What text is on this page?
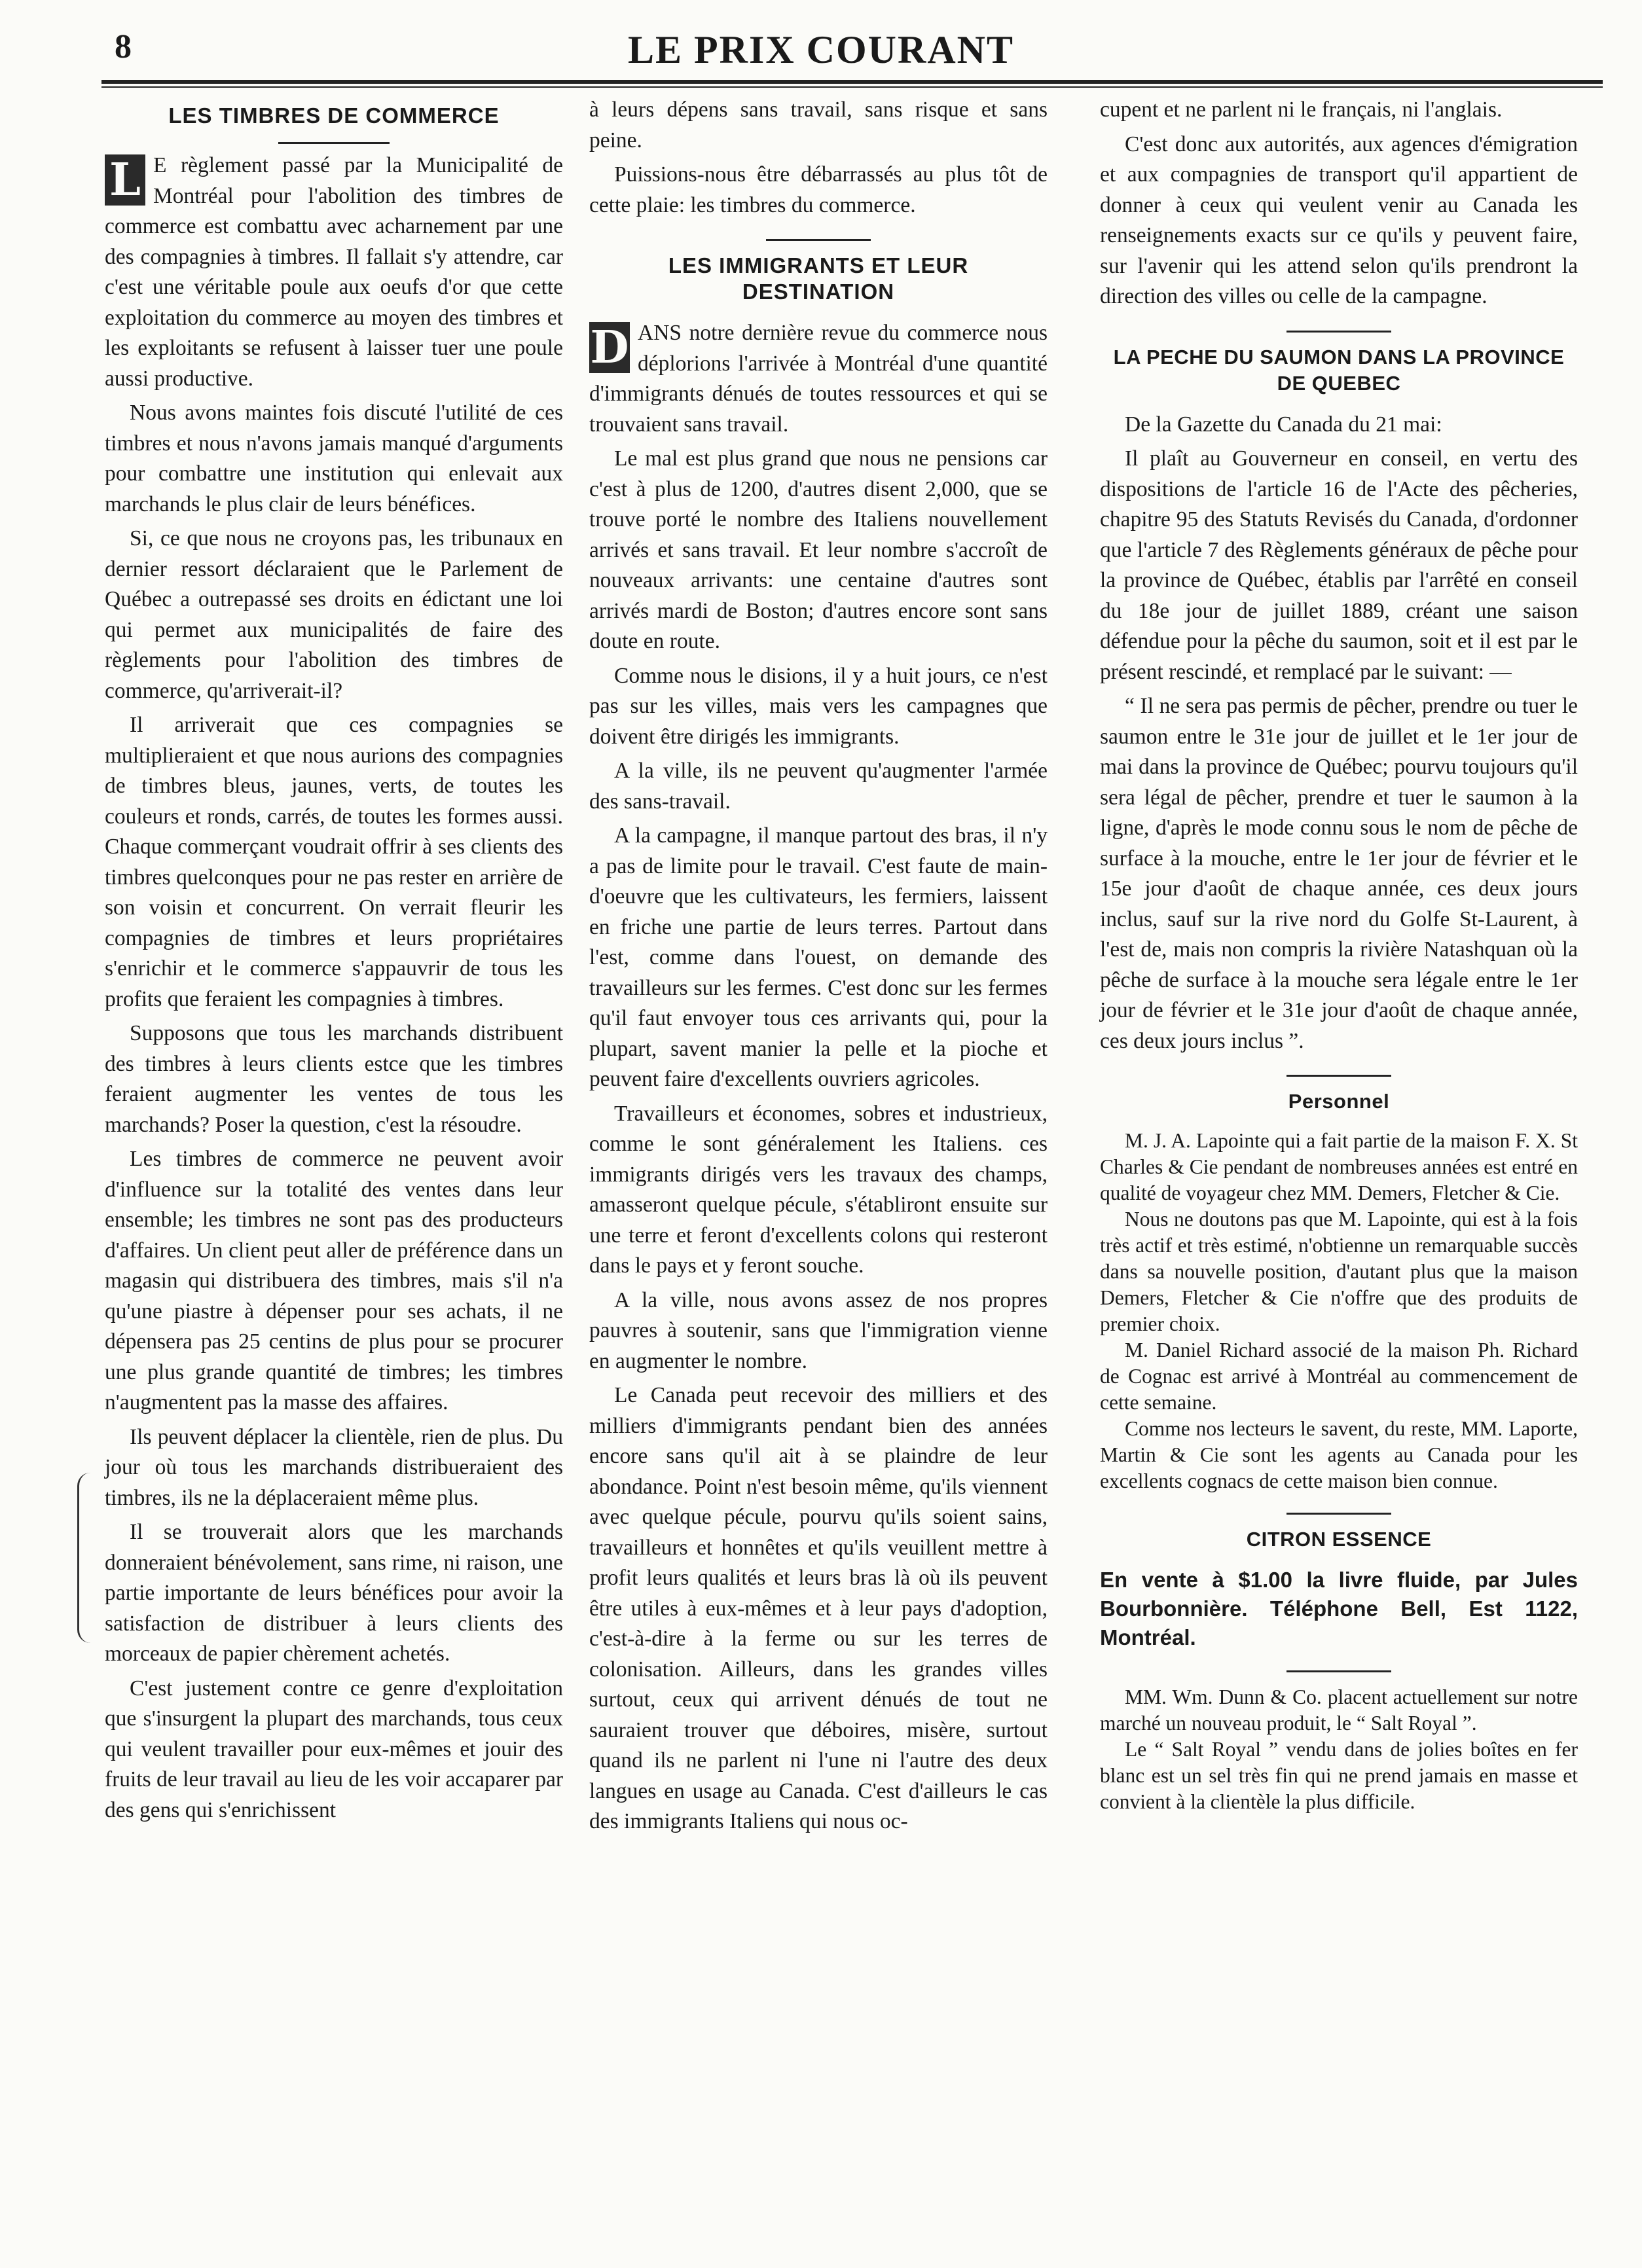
8	LE PRIX COURANT
LES TIMBRES DE COMMERCE

L E règlement passé par la Municipalité de Montréal pour l'abolition des timbres de commerce est combattu avec acharnement par une des compagnies à timbres. Il fallait s'y attendre, car c'est une véritable poule aux oeufs d'or que cette exploitation du commerce au moyen des timbres et les exploitants se refusent à laisser tuer une poule aussi productive.

Nous avons maintes fois discuté l'utilité de ces timbres et nous n'avons jamais manqué d'arguments pour combattre une institution qui enlevait aux marchands le plus clair de leurs bénéfices.

Si, ce que nous ne croyons pas, les tribunaux en dernier ressort déclaraient que le Parlement de Québec a outrepassé ses droits en édictant une loi qui permet aux municipalités de faire des règlements pour l'abolition des timbres de commerce, qu'arriverait-il?

Il arriverait que ces compagnies se multiplieraient et que nous aurions des compagnies de timbres bleus, jaunes, verts, de toutes les couleurs et ronds, carrés, de toutes les formes aussi. Chaque commerçant voudrait offrir à ses clients des timbres quelconques pour ne pas rester en arrière de son voisin et concurrent. On verrait fleurir les compagnies de timbres et leurs propriétaires s'enrichir et le commerce s'appauvrir de tous les profits que feraient les compagnies à timbres.

Supposons que tous les marchands distribuent des timbres à leurs clients estce que les timbres feraient augmenter les ventes de tous les marchands? Poser la question, c'est la résoudre.

Les timbres de commerce ne peuvent avoir d'influence sur la totalité des ventes dans leur ensemble; les timbres ne sont pas des producteurs d'affaires. Un client peut aller de préférence dans un magasin qui distribuera des timbres, mais s'il n'a qu'une piastre à dépenser pour ses achats, il ne dépensera pas 25 centins de plus pour se procurer une plus grande quantité de timbres; les timbres n'augmentent pas la masse des affaires.

Ils peuvent déplacer la clientèle, rien de plus. Du jour où tous les marchands distribueraient des timbres, ils ne la déplaceraient même plus.

Il se trouverait alors que les marchands donneraient bénévolement, sans rime, ni raison, une partie importante de leurs bénéfices pour avoir la satisfaction de distribuer à leurs clients des morceaux de papier chèrement achetés.

C'est justement contre ce genre d'exploitation que s'insurgent la plupart des marchands, tous ceux qui veulent travailler pour eux-mêmes et jouir des fruits de leur travail au lieu de les voir accaparer par des gens qui s'enrichissent

à leurs dépens sans travail, sans risque et sans peine.

Puissions-nous être débarrassés au plus tôt de cette plaie: les timbres du commerce.

LES IMMIGRANTS ET LEUR DESTINATION

D ANS notre dernière revue du commerce nous déplorions l'arrivée à Montréal d'une quantité d'immigrants dénués de toutes ressources et qui se trouvaient sans travail.

Le mal est plus grand que nous ne pensions car c'est à plus de 1200, d'autres disent 2,000, que se trouve porté le nombre des Italiens nouvellement arrivés et sans travail. Et leur nombre s'accroît de nouveaux arrivants: une centaine d'autres sont arrivés mardi de Boston; d'autres encore sont sans doute en route.

Comme nous le disions, il y a huit jours, ce n'est pas sur les villes, mais vers les campagnes que doivent être dirigés les immigrants.

A la ville, ils ne peuvent qu'augmenter l'armée des sans-travail.

A la campagne, il manque partout des bras, il n'y a pas de limite pour le travail. C'est faute de main-d'oeuvre que les cultivateurs, les fermiers, laissent en friche une partie de leurs terres. Partout dans l'est, comme dans l'ouest, on demande des travailleurs sur les fermes. C'est donc sur les fermes qu'il faut envoyer tous ces arrivants qui, pour la plupart, savent manier la pelle et la pioche et peuvent faire d'excellents ouvriers agricoles.

Travailleurs et économes, sobres et industrieux, comme le sont généralement les Italiens. ces immigrants dirigés vers les travaux des champs, amasseront quelque pécule, s'établiront ensuite sur une terre et feront d'excellents colons qui resteront dans le pays et y feront souche.

A la ville, nous avons assez de nos propres pauvres à soutenir, sans que l'immigration vienne en augmenter le nombre.

Le Canada peut recevoir des milliers et des milliers d'immigrants pendant bien des années encore sans qu'il ait à se plaindre de leur abondance. Point n'est besoin même, qu'ils viennent avec quelque pécule, pourvu qu'ils soient sains, travailleurs et honnêtes et qu'ils veuillent mettre à profit leurs qualités et leurs bras là où ils peuvent être utiles à eux-mêmes et à leur pays d'adoption, c'est-à-dire à la ferme ou sur les terres de colonisation. Ailleurs, dans les grandes villes surtout, ceux qui arrivent dénués de tout ne sauraient trouver que déboires, misère, surtout quand ils ne parlent ni l'une ni l'autre des deux langues en usage au Canada. C'est d'ailleurs le cas des immigrants Italiens qui nous oc-

cupent et ne parlent ni le français, ni l'anglais.

C'est donc aux autorités, aux agences d'émigration et aux compagnies de transport qu'il appartient de donner à ceux qui veulent venir au Canada les renseignements exacts sur ce qu'ils y peuvent faire, sur l'avenir qui les attend selon qu'ils prendront la direction des villes ou celle de la campagne.

LA PECHE DU SAUMON DANS LA PROVINCE DE QUEBEC

De la Gazette du Canada du 21 mai:

Il plaît au Gouverneur en conseil, en vertu des dispositions de l'article 16 de l'Acte des pêcheries, chapitre 95 des Statuts Revisés du Canada, d'ordonner que l'article 7 des Règlements généraux de pêche pour la province de Québec, établis par l'arrêté en conseil du 18e jour de juillet 1889, créant une saison défendue pour la pêche du saumon, soit et il est par le présent rescindé, et remplacé par le suivant: —

“ Il ne sera pas permis de pêcher, prendre ou tuer le saumon entre le 31e jour de juillet et le 1er jour de mai dans la province de Québec; pourvu toujours qu'il sera légal de pêcher, prendre et tuer le saumon à la ligne, d'après le mode connu sous le nom de pêche de surface à la mouche, entre le 1er jour de février et le 15e jour d'août de chaque année, ces deux jours inclus, sauf sur la rive nord du Golfe St-Laurent, à l'est de, mais non compris la rivière Natashquan où la pêche de surface à la mouche sera légale entre le 1er jour de février et le 31e jour d'août de chaque année, ces deux jours inclus ”.

Personnel

M. J. A. Lapointe qui a fait partie de la maison F. X. St Charles & Cie pendant de nombreuses années est entré en qualité de voyageur chez MM. Demers, Fletcher & Cie.

Nous ne doutons pas que M. Lapointe, qui est à la fois très actif et très estimé, n'obtienne un remarquable succès dans sa nouvelle position, d'autant plus que la maison Demers, Fletcher & Cie n'offre que des produits de premier choix.

M. Daniel Richard associé de la maison Ph. Richard de Cognac est arrivé à Montréal au commencement de cette semaine.

Comme nos lecteurs le savent, du reste, MM. Laporte, Martin & Cie sont les agents au Canada pour les excellents cognacs de cette maison bien connue.

CITRON ESSENCE
En vente à $1.00 la livre fluide, par Jules Bourbonnière. Téléphone Bell, Est 1122, Montréal.

MM. Wm. Dunn & Co. placent actuellement sur notre marché un nouveau produit, le “ Salt Royal ”.

Le “ Salt Royal ” vendu dans de jolies boîtes en fer blanc est un sel très fin qui ne prend jamais en masse et convient à la clientèle la plus difficile.
